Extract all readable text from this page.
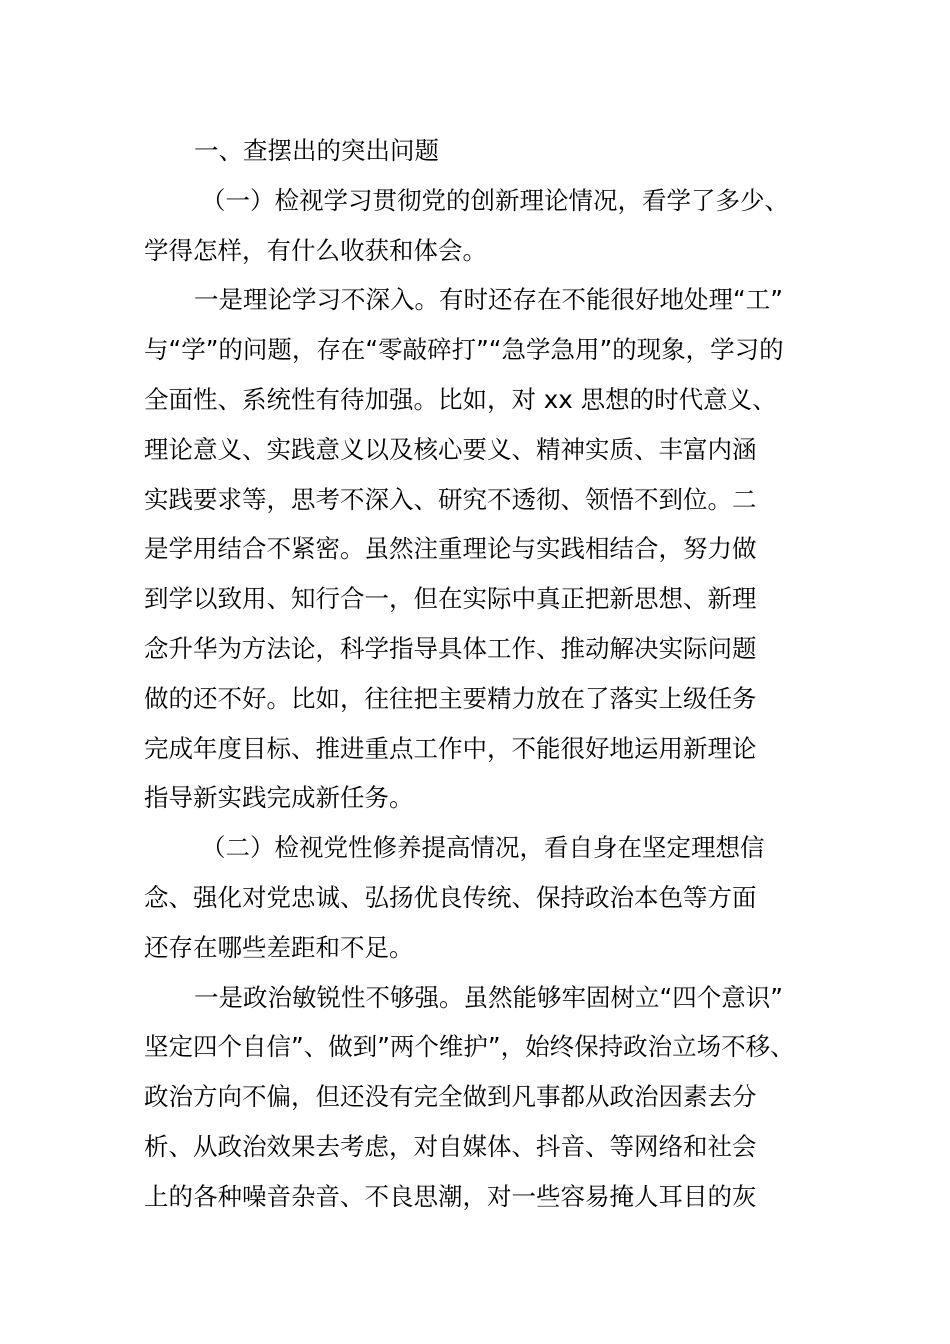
一、查摆出的突出问题
（一）检视学习贯彻党的创新理论情况，看学了多少、
学得怎样，有什么收获和体会。
一是理论学习不深入。有时还存在不能很好地处理“工”
与“学”的问题，存在“零敲碎打”“急学急用”的现象，学习的
全面性、系统性有待加强。比如，对 xx 思想的时代意义、
理论意义、实践意义以及核心要义、精神实质、丰富内涵
实践要求等，思考不深入、研究不透彻、领悟不到位。二
是学用结合不紧密。虽然注重理论与实践相结合，努力做
到学以致用、知行合一，但在实际中真正把新思想、新理
念升华为方法论，科学指导具体工作、推动解决实际问题
做的还不好。比如，往往把主要精力放在了落实上级任务
完成年度目标、推进重点工作中，不能很好地运用新理论
指导新实践完成新任务。
（二）检视党性修养提高情况，看自身在坚定理想信
念、强化对党忠诚、弘扬优良传统、保持政治本色等方面
还存在哪些差距和不足。
一是政治敏锐性不够强。虽然能够牢固树立“四个意识”
坚定四个自信”、做到”两个维护”，始终保持政治立场不移、
政治方向不偏，但还没有完全做到凡事都从政治因素去分
析、从政治效果去考虑，对自媒体、抖音、等网络和社会
上的各种噪音杂音、不良思潮，对一些容易掩人耳目的灰
